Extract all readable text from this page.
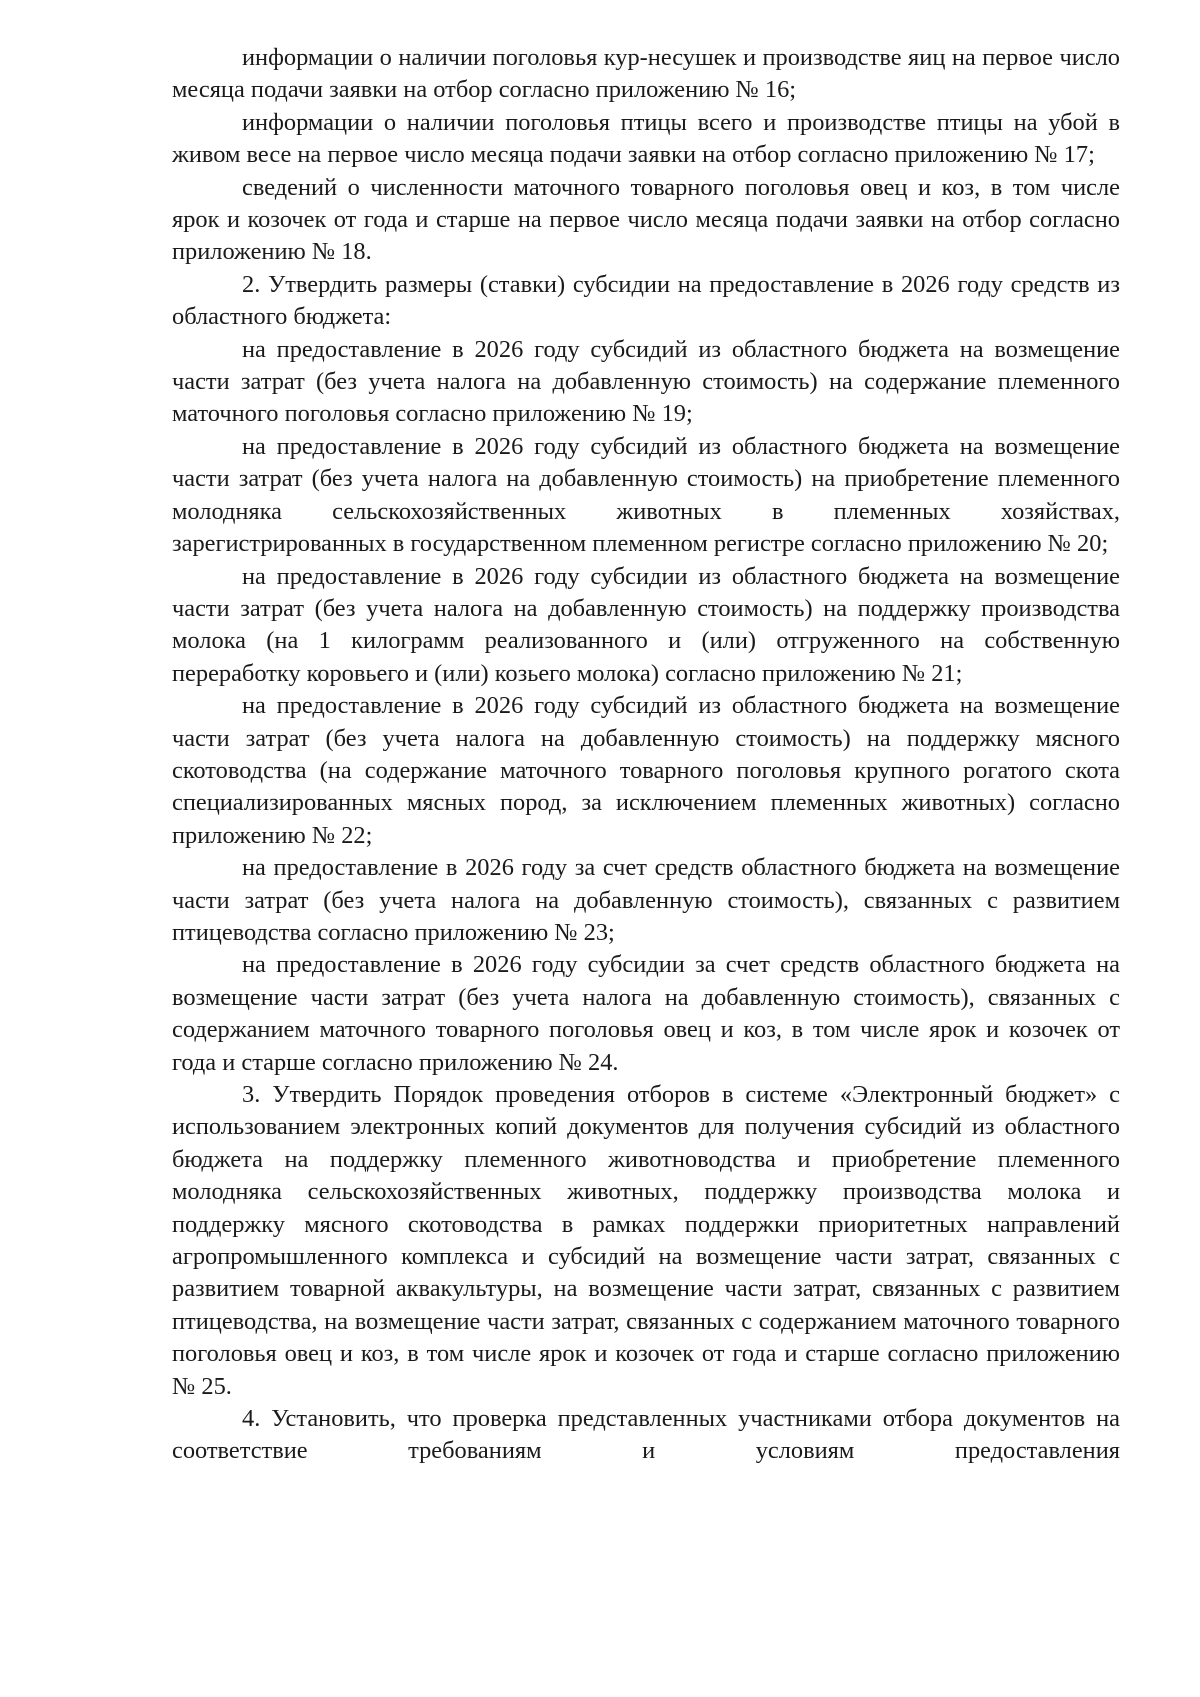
информации о наличии поголовья кур-несушек и производстве яиц на первое число месяца подачи заявки на отбор согласно приложению № 16;

информации о наличии поголовья птицы всего и производстве птицы на убой в живом весе на первое число месяца подачи заявки на отбор согласно приложению № 17;

сведений о численности маточного товарного поголовья овец и коз, в том числе ярок и козочек от года и старше на первое число месяца подачи заявки на отбор согласно приложению № 18.

2. Утвердить размеры (ставки) субсидии на предоставление в 2026 году средств из областного бюджета:

на предоставление в 2026 году субсидий из областного бюджета на возмещение части затрат (без учета налога на добавленную стоимость) на содержание племенного маточного поголовья согласно приложению № 19;

на предоставление в 2026 году субсидий из областного бюджета на возмещение части затрат (без учета налога на добавленную стоимость) на приобретение племенного молодняка сельскохозяйственных животных в племенных хозяйствах, зарегистрированных в государственном племенном регистре согласно приложению № 20;

на предоставление в 2026 году субсидии из областного бюджета на возмещение части затрат (без учета налога на добавленную стоимость) на поддержку производства молока (на 1 килограмм реализованного и (или) отгруженного на собственную переработку коровьего и (или) козьего молока) согласно приложению № 21;

на предоставление в 2026 году субсидий из областного бюджета на возмещение части затрат (без учета налога на добавленную стоимость) на поддержку мясного скотоводства (на содержание маточного товарного поголовья крупного рогатого скота специализированных мясных пород, за исключением племенных животных) согласно приложению № 22;

на предоставление в 2026 году за счет средств областного бюджета на возмещение части затрат (без учета налога на добавленную стоимость), связанных с развитием птицеводства согласно приложению № 23;

на предоставление в 2026 году субсидии за счет средств областного бюджета на возмещение части затрат (без учета налога на добавленную стоимость), связанных с содержанием маточного товарного поголовья овец и коз, в том числе ярок и козочек от года и старше согласно приложению № 24.

3. Утвердить Порядок проведения отборов в системе «Электронный бюджет» с использованием электронных копий документов для получения субсидий из областного бюджета на поддержку племенного животноводства и приобретение племенного молодняка сельскохозяйственных животных, поддержку производства молока и поддержку мясного скотоводства в рамках поддержки приоритетных направлений агропромышленного комплекса и субсидий на возмещение части затрат, связанных с развитием товарной аквакультуры, на возмещение части затрат, связанных с развитием птицеводства, на возмещение части затрат, связанных с содержанием маточного товарного поголовья овец и коз, в том числе ярок и козочек от года и старше согласно приложению № 25.

4. Установить, что проверка представленных участниками отбора документов на соответствие требованиям и условиям предоставления
